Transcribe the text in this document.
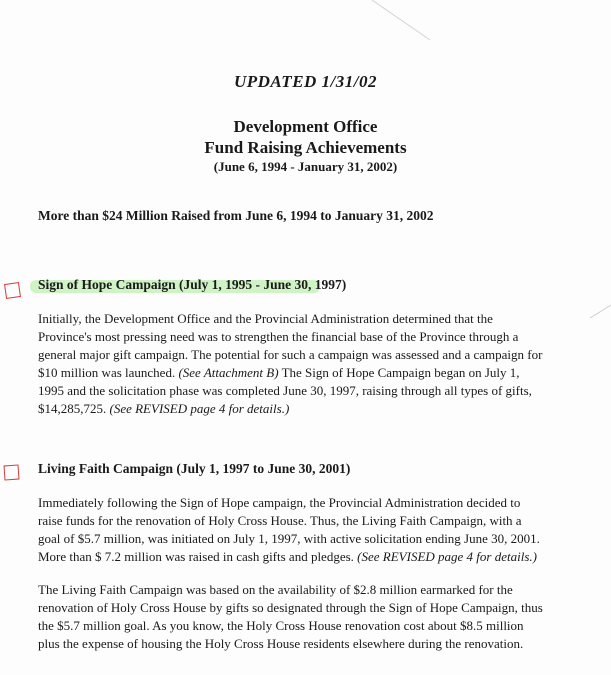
UPDATED 1/31/02
Development Office
Fund Raising Achievements
(June 6, 1994 - January 31, 2002)
More than $24 Million Raised from June 6, 1994 to January 31, 2002
Sign of Hope Campaign (July 1, 1995 - June 30, 1997)
Initially, the Development Office and the Provincial Administration determined that the
Province's most pressing need was to strengthen the financial base of the Province through a
general major gift campaign. The potential for such a campaign was assessed and a campaign for
$10 million was launched. (See Attachment B) The Sign of Hope Campaign began on July 1,
1995 and the solicitation phase was completed June 30, 1997, raising through all types of gifts,
$14,285,725. (See REVISED page 4 for details.)
Living Faith Campaign (July 1, 1997 to June 30, 2001)
Immediately following the Sign of Hope campaign, the Provincial Administration decided to
raise funds for the renovation of Holy Cross House. Thus, the Living Faith Campaign, with a
goal of $5.7 million, was initiated on July 1, 1997, with active solicitation ending June 30, 2001.
More than $ 7.2 million was raised in cash gifts and pledges. (See REVISED page 4 for details.)
The Living Faith Campaign was based on the availability of $2.8 million earmarked for the
renovation of Holy Cross House by gifts so designated through the Sign of Hope Campaign, thus
the $5.7 million goal. As you know, the Holy Cross House renovation cost about $8.5 million
plus the expense of housing the Holy Cross House residents elsewhere during the renovation.
